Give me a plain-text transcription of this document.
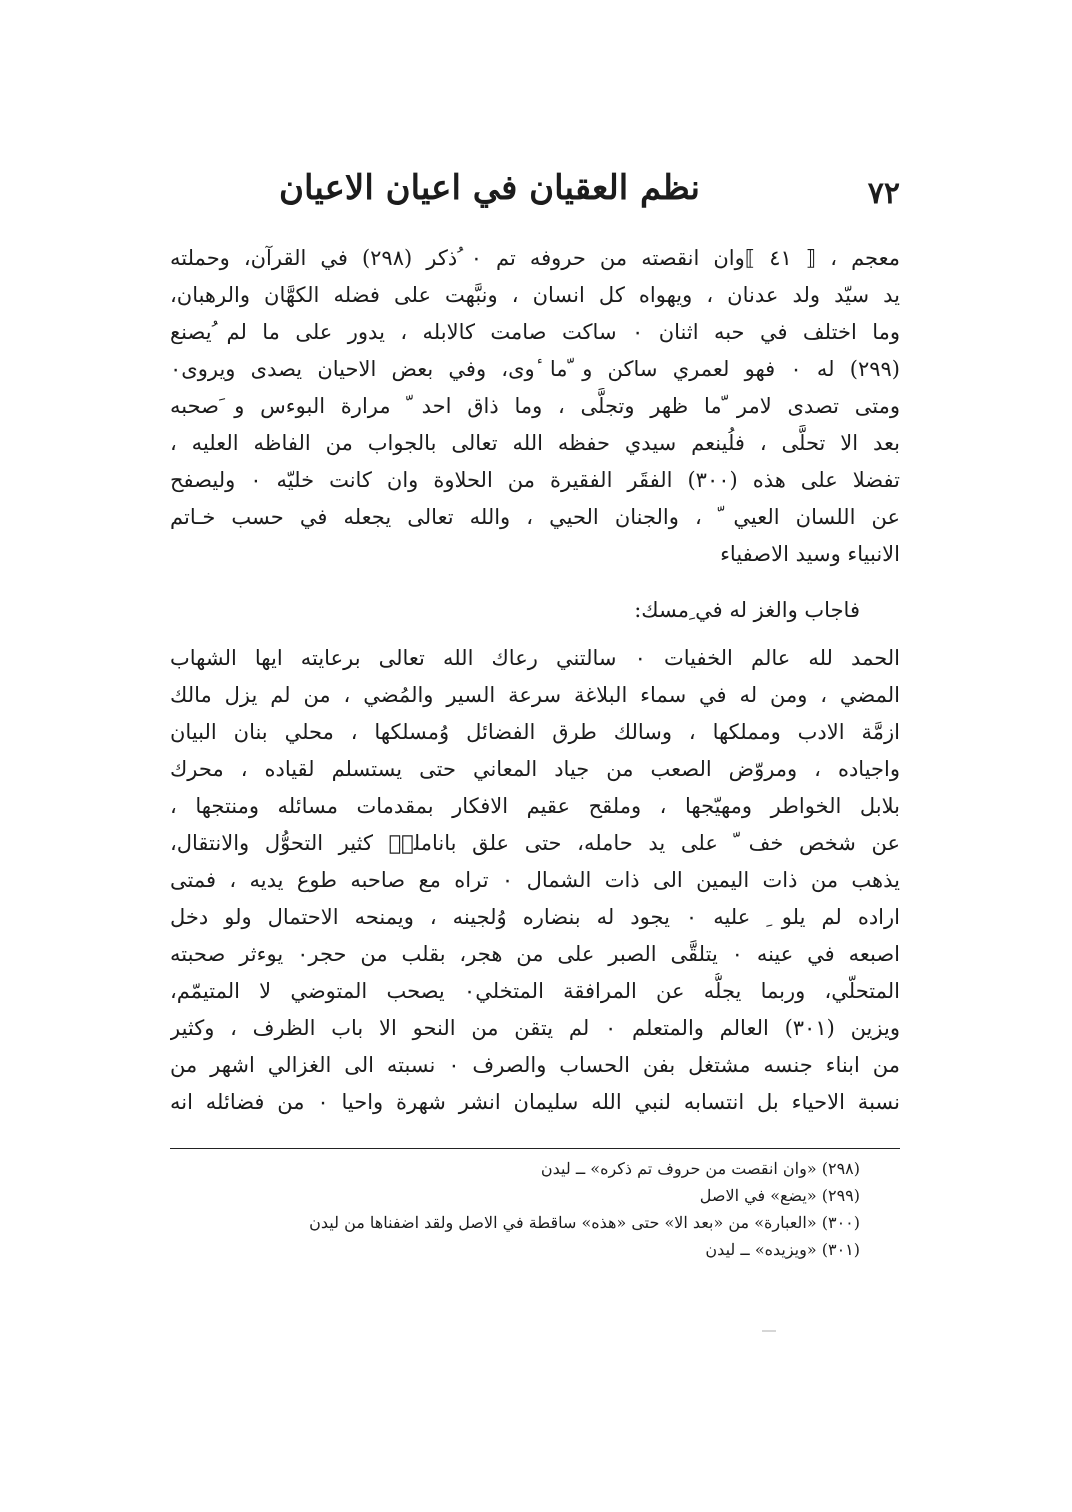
٧٢
نظم العقيان في اعيان الاعيان
معجم ، ⟦ ٤١ ⟧وان انقصته من حروفه تم ٠ ُذكر (٢٩٨) في القرآن، وحملته
يد سيّد ولد عدنان ، ويهواه كل انسان ، ونبَّهت على فضله الكهَّان والرهبان،
وما اختلف في حبه اثنان ٠ ساكت صامت كالابله ، يدور على ما لم ُيصنع
(٢٩٩) له ٠ فهو لعمري ساكن و ّما ٔوى، وفي بعض الاحيان يصدى ويروى٠
ومتى تصدى لامر ّما ظهر وتجلَّى ، وما ذاق احد ّ مرارة البوءس و َصحبه
بعد الا تحلَّى ، فلُينعم سيدي حفظه الله تعالى بالجواب من الفاظه العليه ،
تفضلا على هذه (٣٠٠) الفقَر الفقيرة من الحلاوة وان كانت خليّه ٠ وليصفح
عن اللسان العيي ّ ، والجنان الحيي ، والله تعالى يجعله في حسب خـاتم
الانبياء وسيد الاصفياء
فاجاب والغز له في ِمسك:
الحمد لله عالم الخفيات ٠ سالتني رعاك الله تعالى برعايته ايها الشهاب
المضي ، ومن له في سماء البلاغة سرعة السير والمُضي ، من لم يزل مالك
ازمَّة الادب ومملكها ، وسالك طرق الفضائل وُمسلكها ، محلي بنان البيان
واجياده ، ومروّض الصعب من جياد المعاني حتى يستسلم لقياده ، محرك
بلابل الخواطر ومهيّجها ، وملقح عقيم الافكار بمقدمات مسائله ومنتجها ،
عن شخص خف ّ على يد حامله، حتى علق باناملهٖ كثير التحوُّل والانتقال،
يذهب من ذات اليمين الى ذات الشمال ٠ تراه مع صاحبه طوع يديه ، فمتى
اراده لم يلو ِ عليه ٠ يجود له بنضاره وُلجينه ، ويمنحه الاحتمال ولو دخل
اصبعه في عينه ٠ يتلقَّى الصبر على من هجر، بقلب من حجر٠ يوءثر صحبته
المتحلّي، وربما يجلُّه عن المرافقة المتخلي٠ يصحب المتوضي لا المتيمّم،
ويزين (٣٠١) العالم والمتعلم ٠ لم يتقن من النحو الا باب الظرف ، وكثير
من ابناء جنسه مشتغل بفن الحساب والصرف ٠ نسبته الى الغزالي اشهر من
نسبة الاحياء بل انتسابه لنبي الله سليمان انشر شهرة واحيا ٠ من فضائله انه
(٢٩٨) «وان انقصت من حروف تم ذكره» ــ ليدن
(٢٩٩) «يضع» في الاصل
(٣٠٠) «العبارة» من «بعد الا» حتى «هذه» ساقطة في الاصل ولقد اضفناها من ليدن
(٣٠١) «ويزيده» ــ ليدن
